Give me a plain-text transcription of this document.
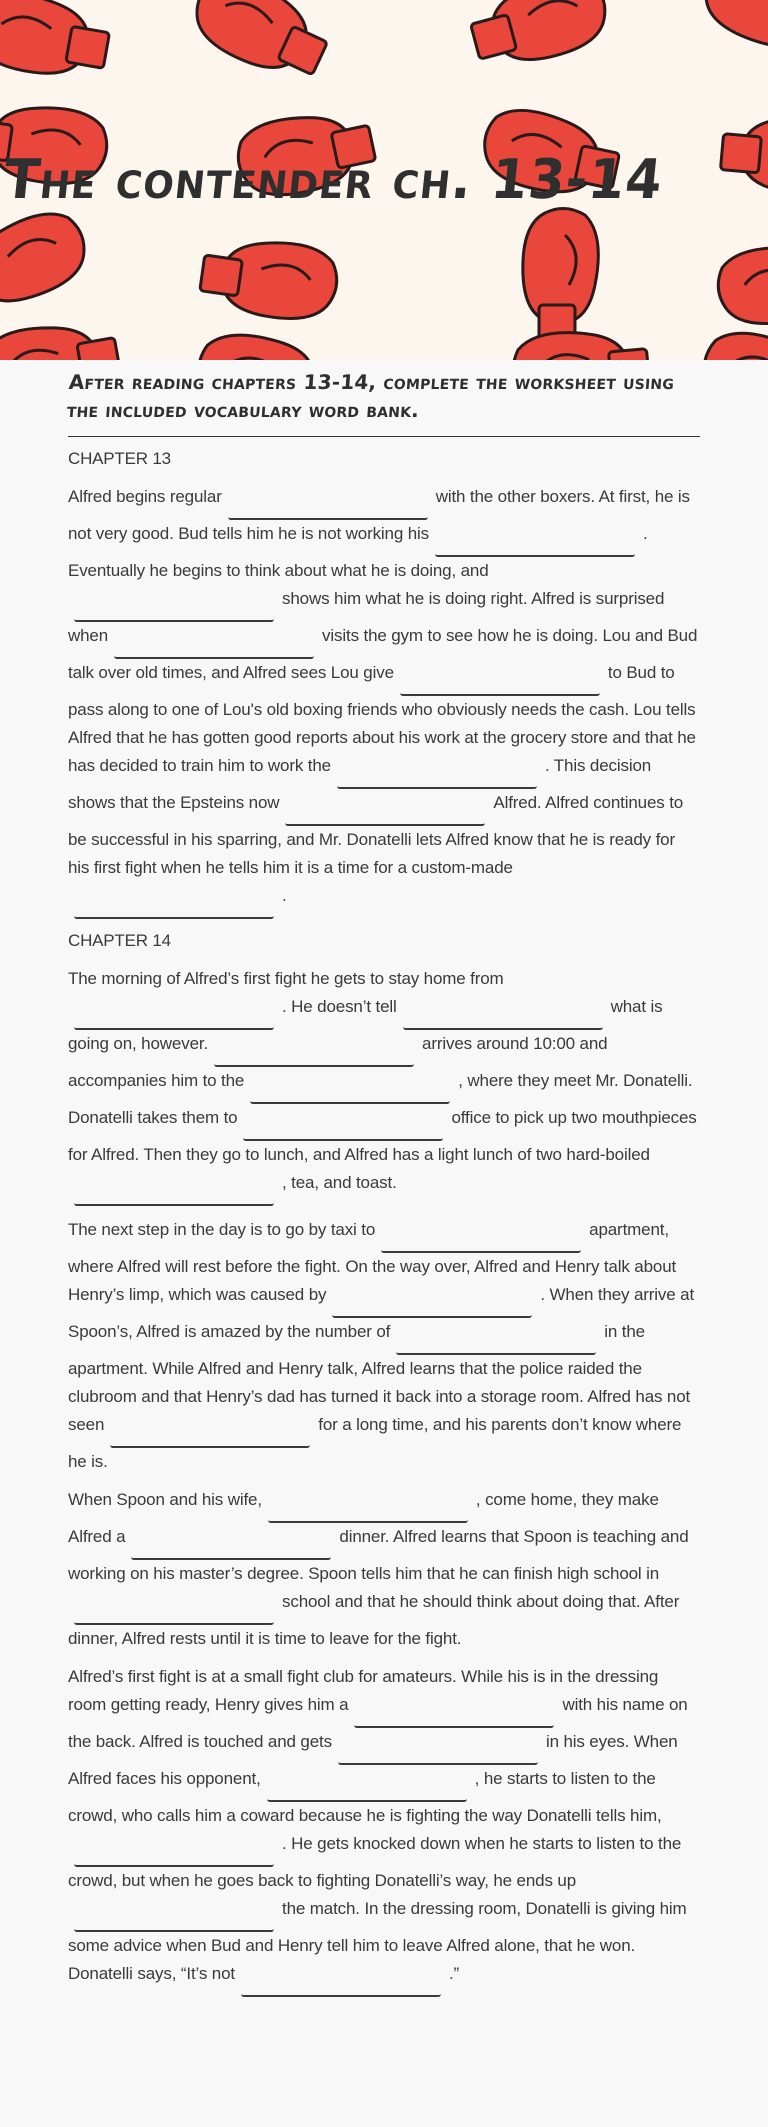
The contender ch. 13-14
After reading chapters 13-14, complete the worksheet using the included vocabulary word bank.
CHAPTER 13

Alfred begins regular	with the other boxers. At first, he is not very good. Bud tells him he is not working his	. Eventually he begins to think about what he is doing, andshows him what he is doing right. Alfred is surprised when	visits the gym to see how he is doing. Lou and Bud talk over old times, and Alfred sees Lou give	to Bud to pass along to one of Lou's old boxing friends who obviously needs the cash. Lou tells Alfred that he has gotten good reports about his work at the grocery store and that he has decided to train him to work the	. This decision shows that the Epsteins now	Alfred. Alfred continues to be successful in his sparring, and Mr. Donatelli lets Alfred know that he is ready for his first fight when he tells him it is a time for a custom-made.

CHAPTER 14

The morning of Alfred’s first fight he gets to stay home from. He doesn’t tell	what is going on, however.	arrives around 10:00 and accompanies him to the	, where they meet Mr. Donatelli. Donatelli takes them to	office to pick up two mouthpieces for Alfred. Then they go to lunch, and Alfred has a light lunch of two hard-boiled, tea, and toast.

The next step in the day is to go by taxi to	apartment, where Alfred will rest before the fight. On the way over, Alfred and Henry talk about Henry’s limp, which was caused by	. When they arrive at Spoon’s, Alfred is amazed by the number of	in the apartment. While Alfred and Henry talk, Alfred learns that the police raided the clubroom and that Henry’s dad has turned it back into a storage room. Alfred has not seen	for a long time, and his parents don’t know where he is.

When Spoon and his wife,	, come home, they make Alfred a	dinner. Alfred learns that Spoon is teaching and working on his master’s degree. Spoon tells him that he can finish high school inschool and that he should think about doing that. After dinner, Alfred rests until it is time to leave for the fight.

Alfred’s first fight is at a small fight club for amateurs. While his is in the dressing room getting ready, Henry gives him a	with his name on the back. Alfred is touched and gets	in his eyes. When Alfred faces his opponent,	, he starts to listen to the crowd, who calls him a coward because he is fighting the way Donatelli tells him,. He gets knocked down when he starts to listen to the crowd, but when he goes back to fighting Donatelli’s way, he ends upthe match. In the dressing room, Donatelli is giving him some advice when Bud and Henry tell him to leave Alfred alone, that he won. Donatelli says, “It’s not	.”
